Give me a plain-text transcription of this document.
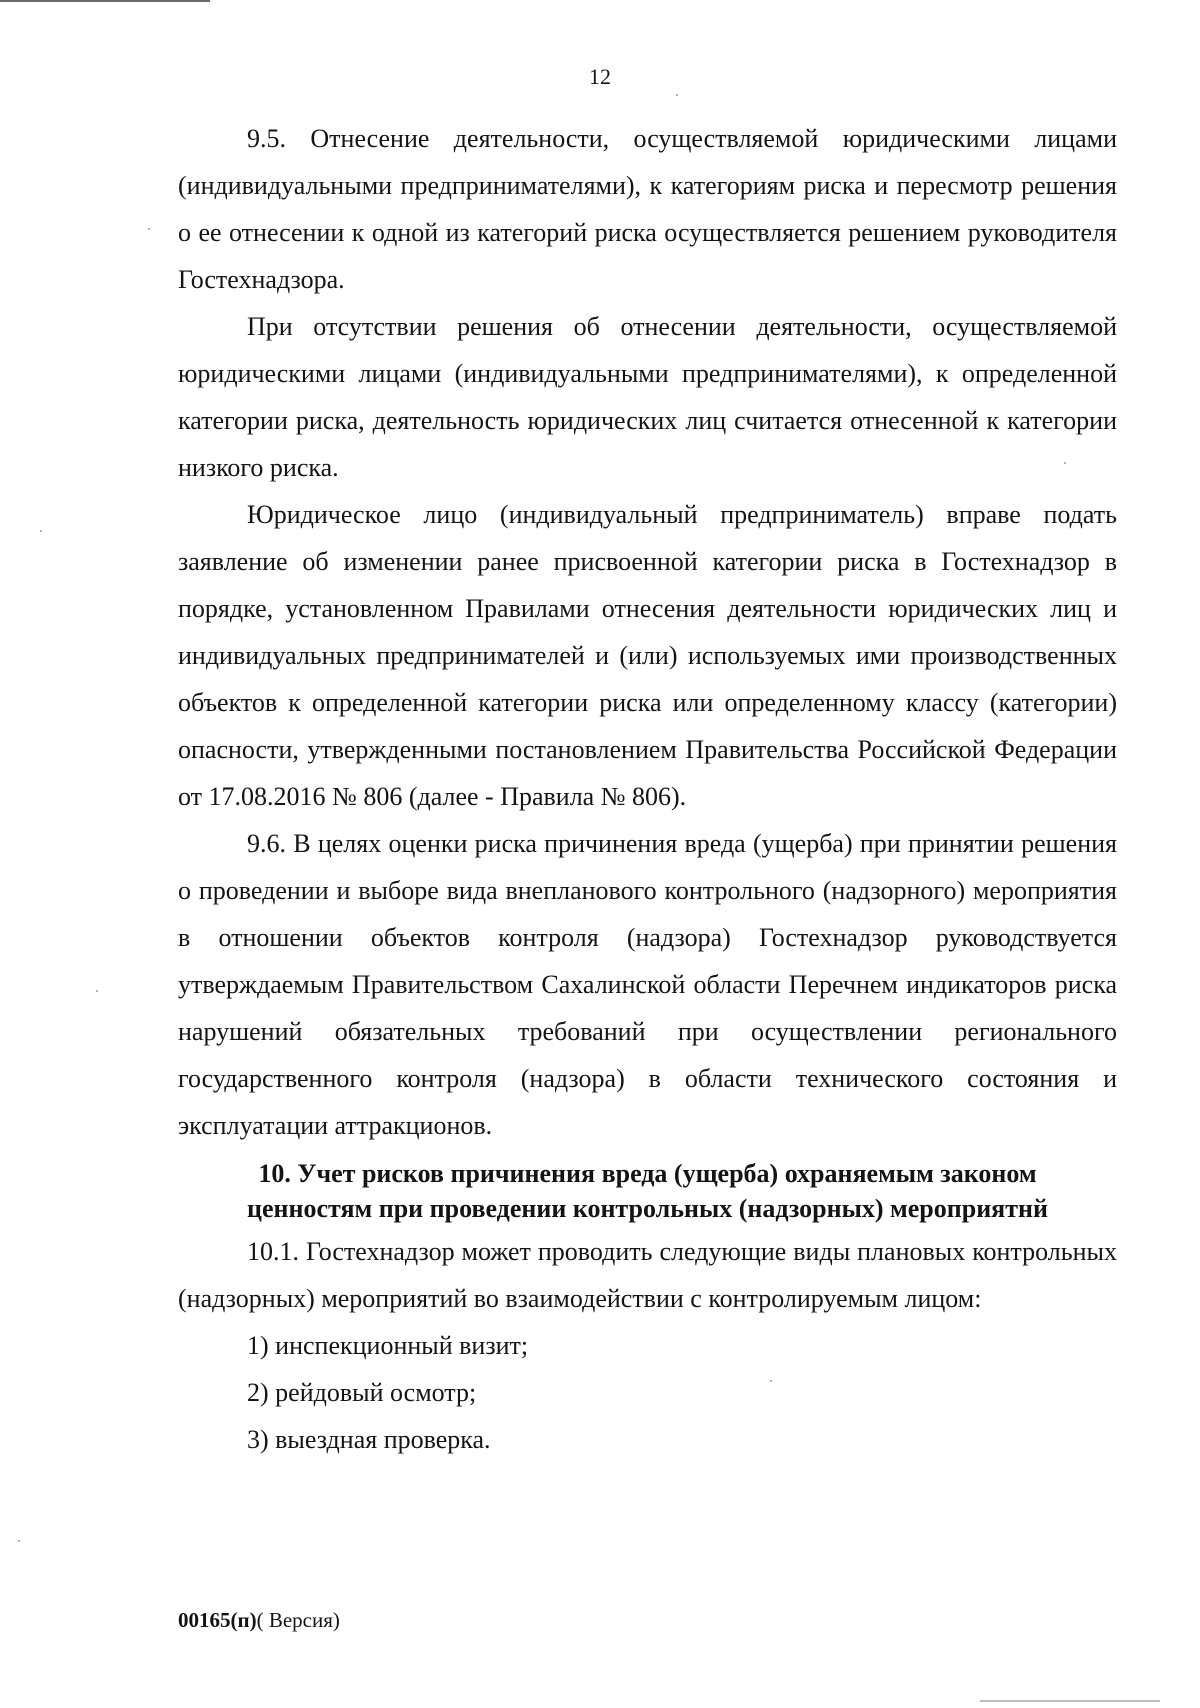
12

9.5. Отнесение деятельности, осуществляемой юридическими лицами (индивидуальными предпринимателями), к категориям риска и пересмотр решения о ее отнесении к одной из категорий риска осуществляется решением руководителя Гостехнадзора.

При отсутствии решения об отнесении деятельности, осуществляемой юридическими лицами (индивидуальными предпринимателями), к определенной категории риска, деятельность юридических лиц считается отнесенной к категории низкого риска.

Юридическое лицо (индивидуальный предприниматель) вправе подать заявление об изменении ранее присвоенной категории риска в Гостехнадзор в порядке, установленном Правилами отнесения деятельности юридических лиц и индивидуальных предпринимателей и (или) используемых ими производственных объектов к определенной категории риска или определенному классу (категории) опасности, утвержденными постановлением Правительства Российской Федерации от 17.08.2016 № 806 (далее - Правила № 806).

9.6. В целях оценки риска причинения вреда (ущерба) при принятии решения о проведении и выборе вида внепланового контрольного (надзорного) мероприятия в отношении объектов контроля (надзора) Гостехнадзор руководствуется утверждаемым Правительством Сахалинской области Перечнем индикаторов риска нарушений обязательных требований при осуществлении регионального государственного контроля (надзора) в области технического состояния и эксплуатации аттракционов.

10. Учет рисков причинения вреда (ущерба) охраняемым законом
ценностям при проведении контрольных (надзорных) мероприятнй

10.1. Гостехнадзор может проводить следующие виды плановых контрольных (надзорных) мероприятий во взаимодействии с контролируемым лицом:

1) инспекционный визит;

2) рейдовый осмотр;

3) выездная проверка.

00165(п)( Версия)
